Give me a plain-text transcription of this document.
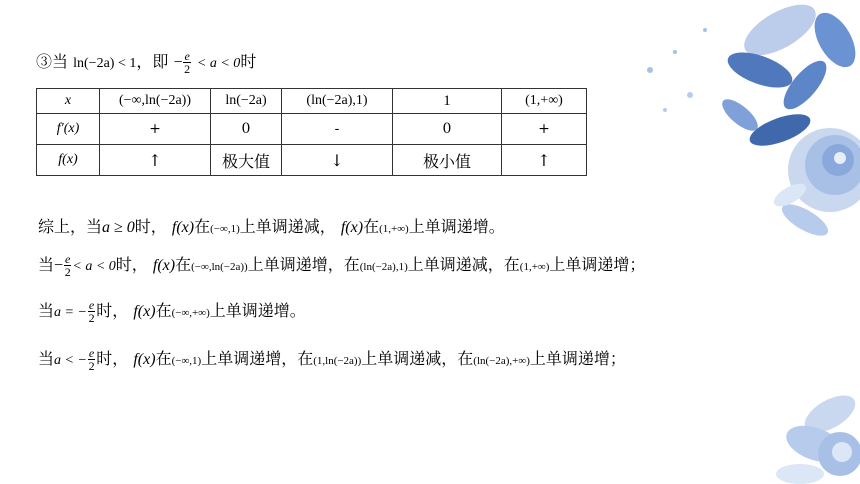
③当 ln(−2a) < 1，即 − $\frac{e}{2} < a < 0$时
x	(−∞,ln(−2a))	ln(−2a)	(ln(−2a),1)	1	(1,+∞)
f′(x)	+	0	-	0	+
f(x)	↑	极大值	↓	极小值	↑
综上，当a ≥ 0时， f(x)在(−∞,1)上单调递减， f(x)在(1,+∞)上单调递增。
当− $\frac{e}{2} < a < 0$时， f(x)在(−∞,ln(−2a))上单调递增，在(ln(−2a),1)上单调递减，在(1,+∞)上单调递增；
当a = − $\frac{e}{2}$ 时， f(x)在(−∞,+∞)上单调递增。
当a < − $\frac{e}{2}$ 时， f(x)在(−∞,1)上单调递增，在(1,ln(−2a))上单调递减，在(ln(−2a),+∞)上单调递增；
